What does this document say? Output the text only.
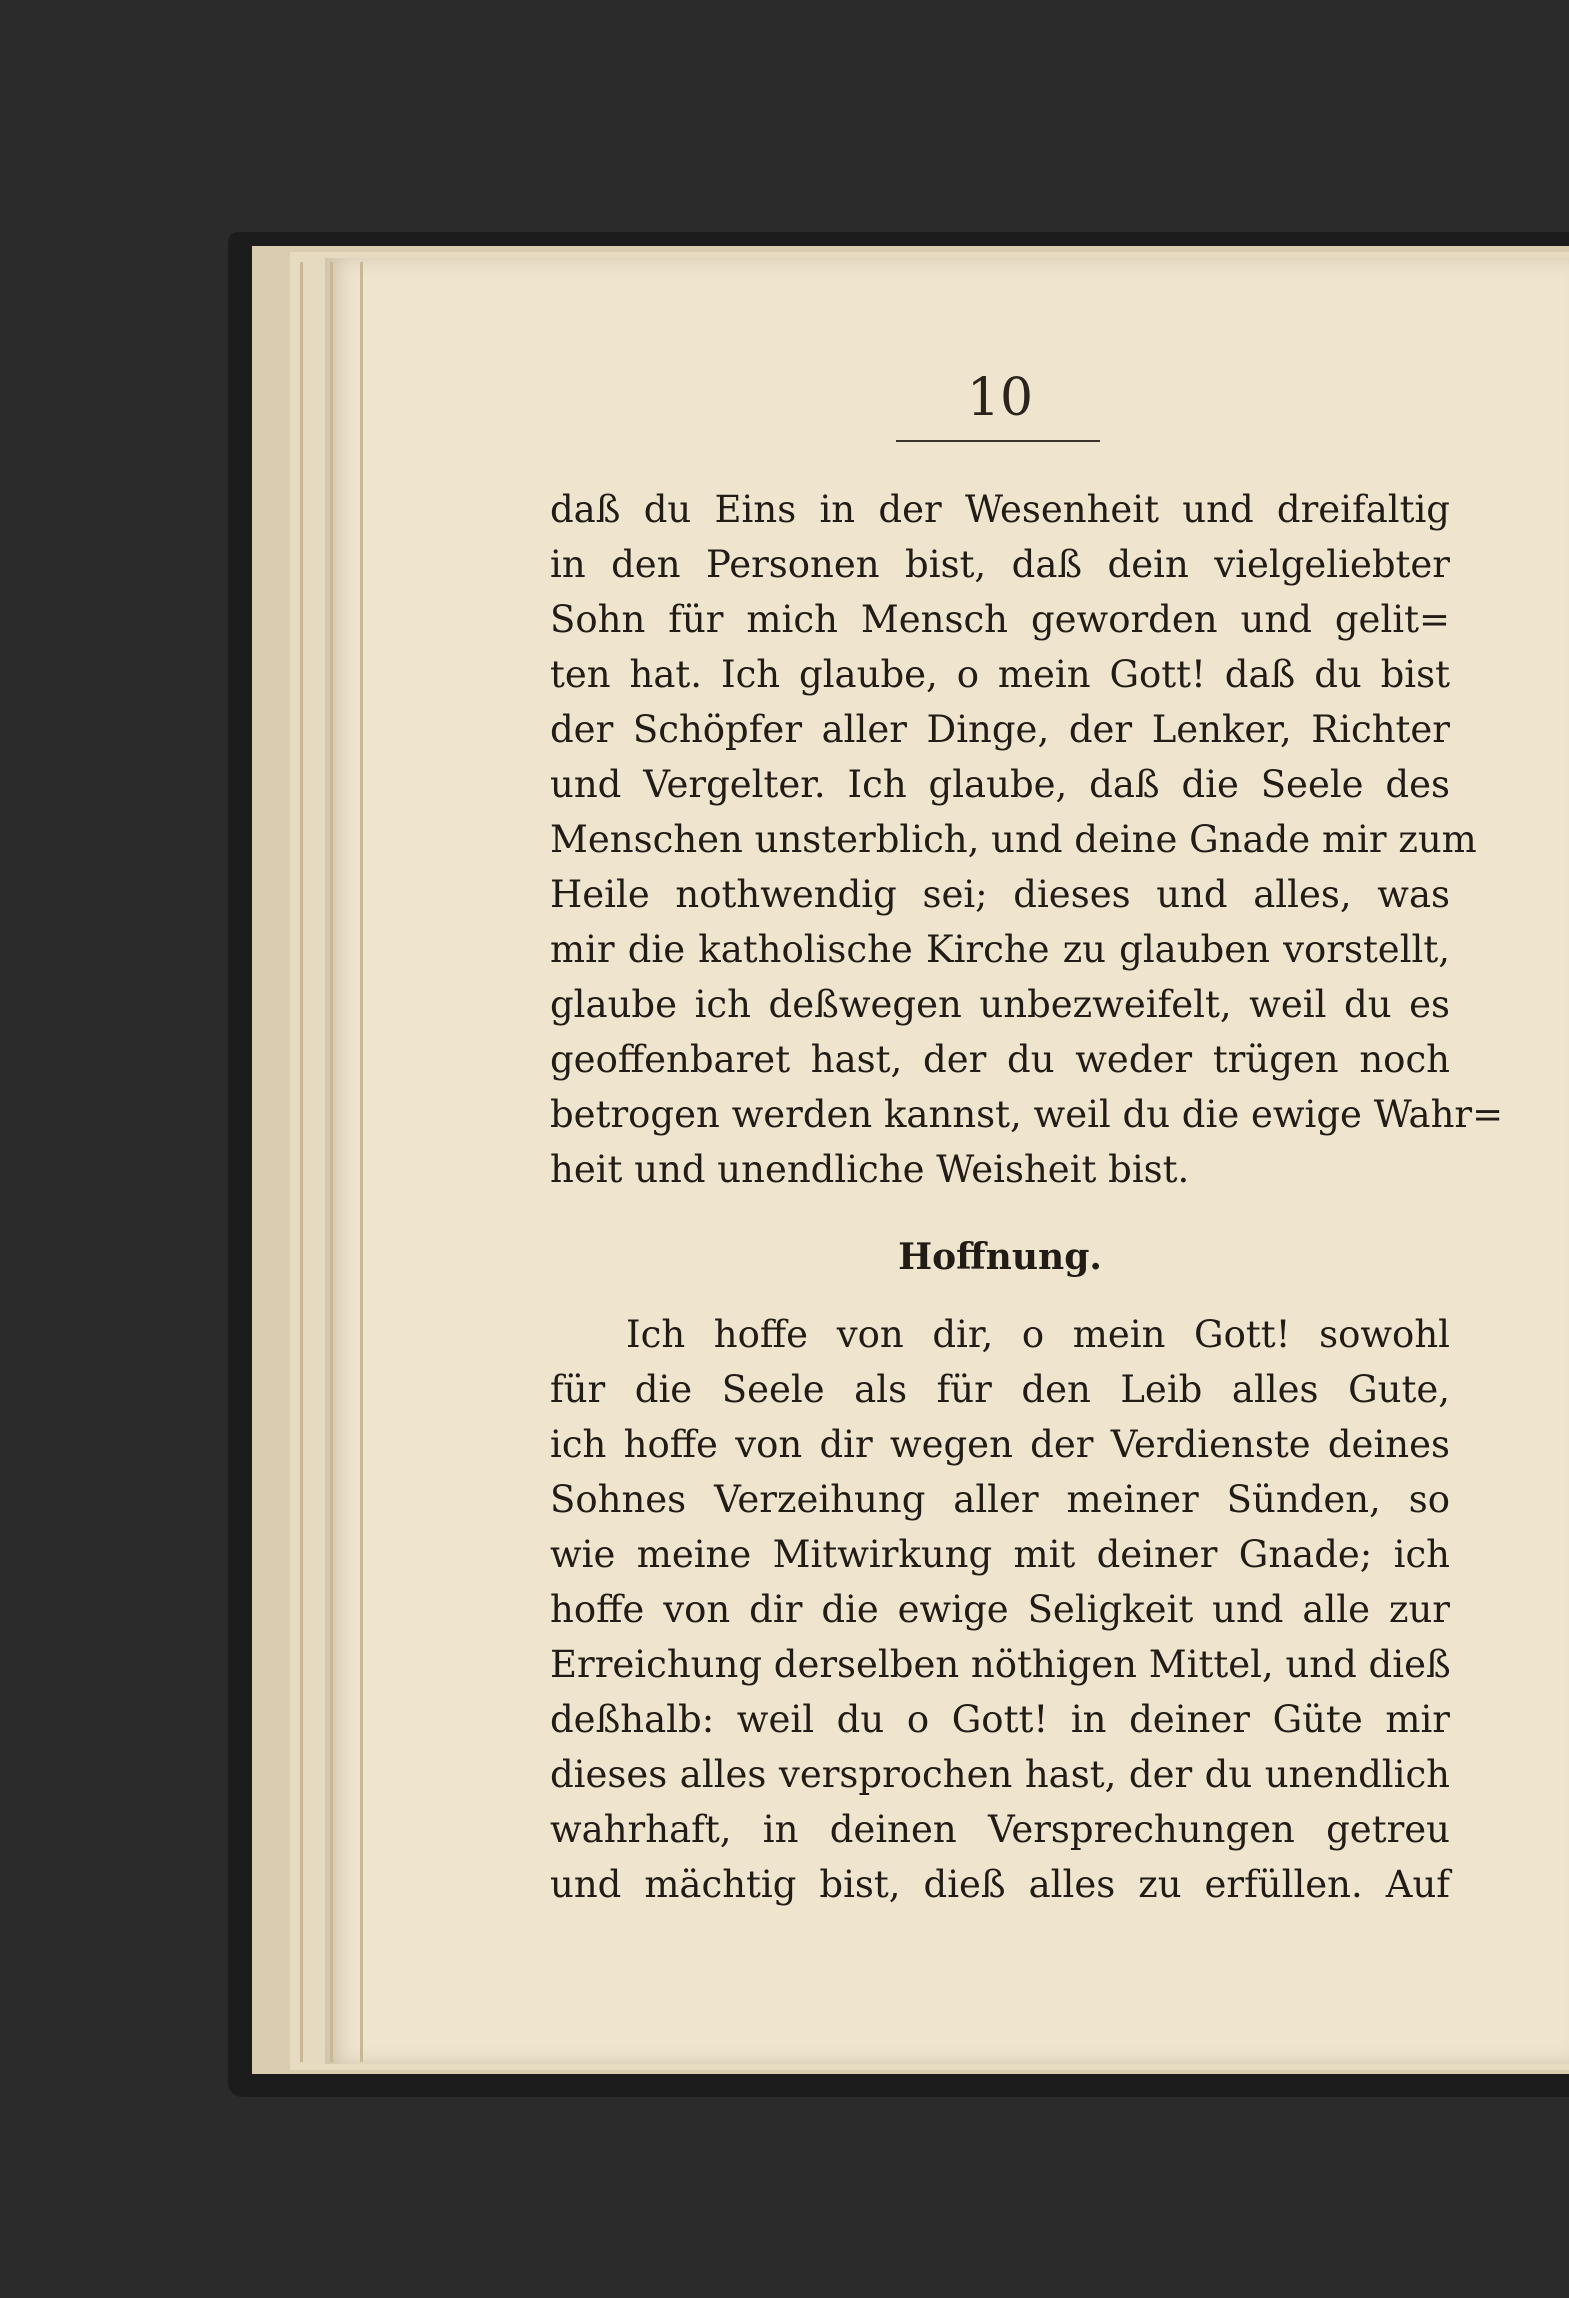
10
daß du Eins in der Wesenheit und dreifaltig
in den Personen bist, daß dein vielgeliebter
Sohn für mich Mensch geworden und gelit=
ten hat. Ich glaube, o mein Gott! daß du bist
der Schöpfer aller Dinge, der Lenker, Richter
und Vergelter. Ich glaube, daß die Seele des
Menschen unsterblich, und deine Gnade mir zum
Heile nothwendig sei; dieses und alles, was
mir die katholische Kirche zu glauben vorstellt,
glaube ich deßwegen unbezweifelt, weil du es
geoffenbaret hast, der du weder trügen noch
betrogen werden kannst, weil du die ewige Wahr=
heit und unendliche Weisheit bist.
Hoffnung.
Ich hoffe von dir, o mein Gott! sowohl
für die Seele als für den Leib alles Gute,
ich hoffe von dir wegen der Verdienste deines
Sohnes Verzeihung aller meiner Sünden, so
wie meine Mitwirkung mit deiner Gnade; ich
hoffe von dir die ewige Seligkeit und alle zur
Erreichung derselben nöthigen Mittel, und dieß
deßhalb: weil du o Gott! in deiner Güte mir
dieses alles versprochen hast, der du unendlich
wahrhaft, in deinen Versprechungen getreu
und mächtig bist, dieß alles zu erfüllen. Auf
